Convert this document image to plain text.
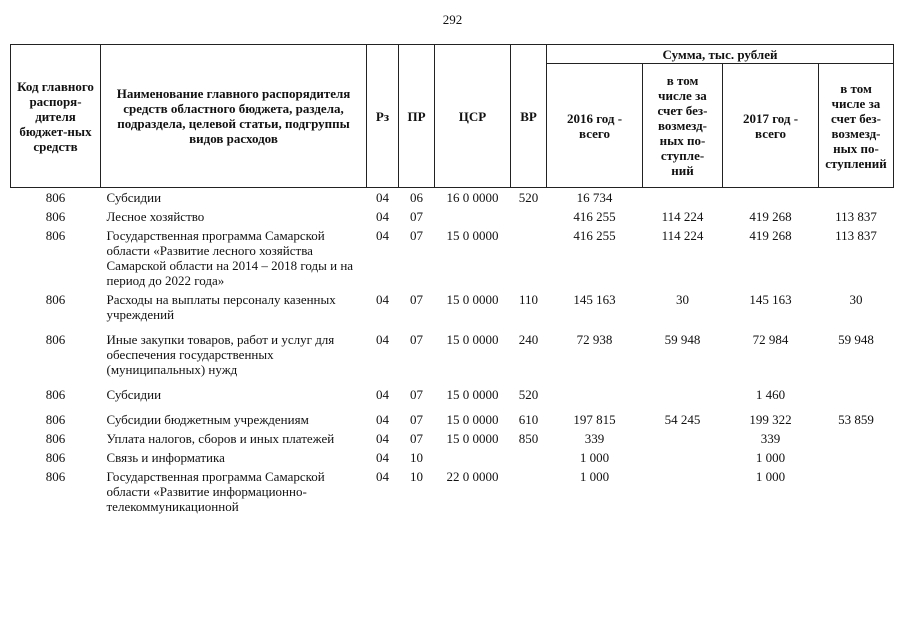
292
Код главного распоря-дителя бюджет-ных средств	Наименование главного распорядителя средств областного бюджета, раздела, подраздела, целевой статьи, подгруппы видов расходов	Рз	ПР	ЦСР	ВР	Сумма, тыс. рублей			
						2016 год - всего	в том числе за счет без-возмезд-ных по-ступле-ний	2017 год - всего	в том числе за счет без-возмезд-ных по-ступлений
806	Субсидии	04	06	16 0 0000	520	16 734			
806	Лесное хозяйство	04	07			416 255	114 224	419 268	113 837
806	Государственная программа Самарской области «Развитие лесного хозяйства Самарской области на 2014 – 2018 годы и на период до 2022 года»	04	07	15 0 0000		416 255	114 224	419 268	113 837
806	Расходы на выплаты персоналу казенных учреждений	04	07	15 0 0000	110	145 163	30	145 163	30
806	Иные закупки товаров, работ и услуг для обеспечения государственных (муниципальных) нужд	04	07	15 0 0000	240	72 938	59 948	72 984	59 948
806	Субсидии	04	07	15 0 0000	520			1 460	
806	Субсидии бюджетным учреждениям	04	07	15 0 0000	610	197 815	54 245	199 322	53 859
806	Уплата налогов, сборов и иных платежей	04	07	15 0 0000	850	339		339	
806	Связь и информатика	04	10			1 000		1 000	
806	Государственная программа Самарской области «Развитие информационно-телекоммуникационной	04	10	22 0 0000		1 000		1 000	
